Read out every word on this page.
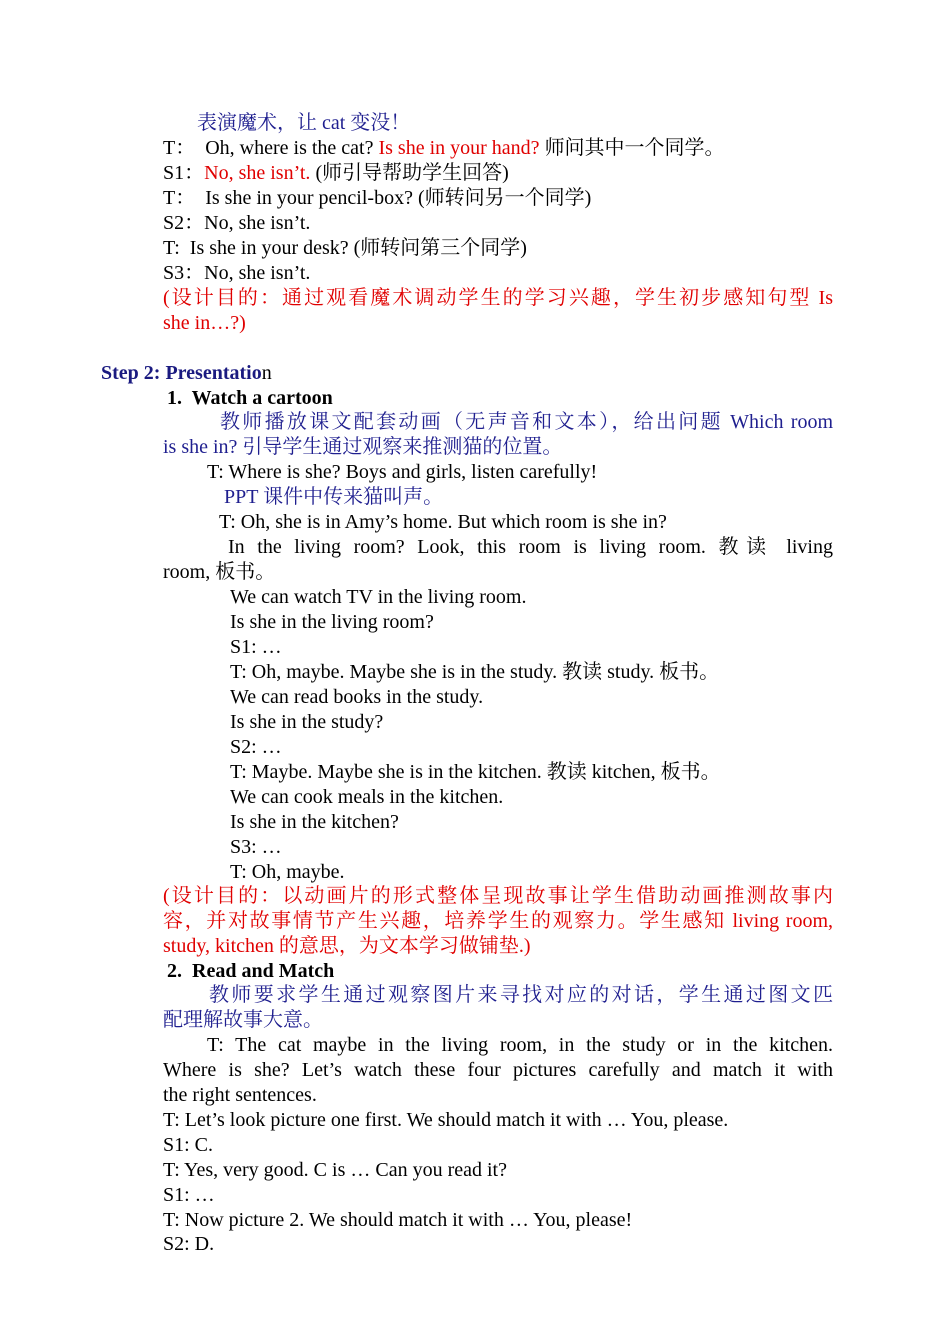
表演魔术，让 cat 变没！
T：  Oh, where is the cat? Is she in your hand? 师问其中一个同学。
S1：No, she isn’t. (师引导帮助学生回答)
T：  Is she in your pencil-box? (师转问另一个同学)
S2：No, she isn’t.
T:  Is she in your desk? (师转问第三个同学)
S3：No, she isn’t.
(设计目的：通过观看魔术调动学生的学习兴趣，学生初步感知句型 Is
she in…?)
Step 2: Presentation
1.  Watch a cartoon
教师播放课文配套动画（无声音和文本），给出问题 Which room
is she in? 引导学生通过观察来推测猫的位置。
T: Where is she? Boys and girls, listen carefully!
PPT 课件中传来猫叫声。
T: Oh, she is in Amy’s home. But which room is she in?
In the living room? Look, this room is living room. 教读 living
room, 板书。
We can watch TV in the living room.
Is she in the living room?
S1: …
T: Oh, maybe. Maybe she is in the study. 教读 study. 板书。
We can read books in the study.
Is she in the study?
S2: …
T: Maybe. Maybe she is in the kitchen. 教读 kitchen, 板书。
We can cook meals in the kitchen.
Is she in the kitchen?
S3: …
T: Oh, maybe.
(设计目的：以动画片的形式整体呈现故事让学生借助动画推测故事内
容，并对故事情节产生兴趣，培养学生的观察力。学生感知 living room,
study, kitchen 的意思，为文本学习做铺垫.)
2.  Read and Match
教师要求学生通过观察图片来寻找对应的对话，学生通过图文匹
配理解故事大意。
T: The cat maybe in the living room, in the study or in the kitchen.
Where is she? Let’s watch these four pictures carefully and match it with
the right sentences.
T: Let’s look picture one first. We should match it with … You, please.
S1: C.
T: Yes, very good. C is … Can you read it?
S1: …
T: Now picture 2. We should match it with … You, please!
S2: D.
